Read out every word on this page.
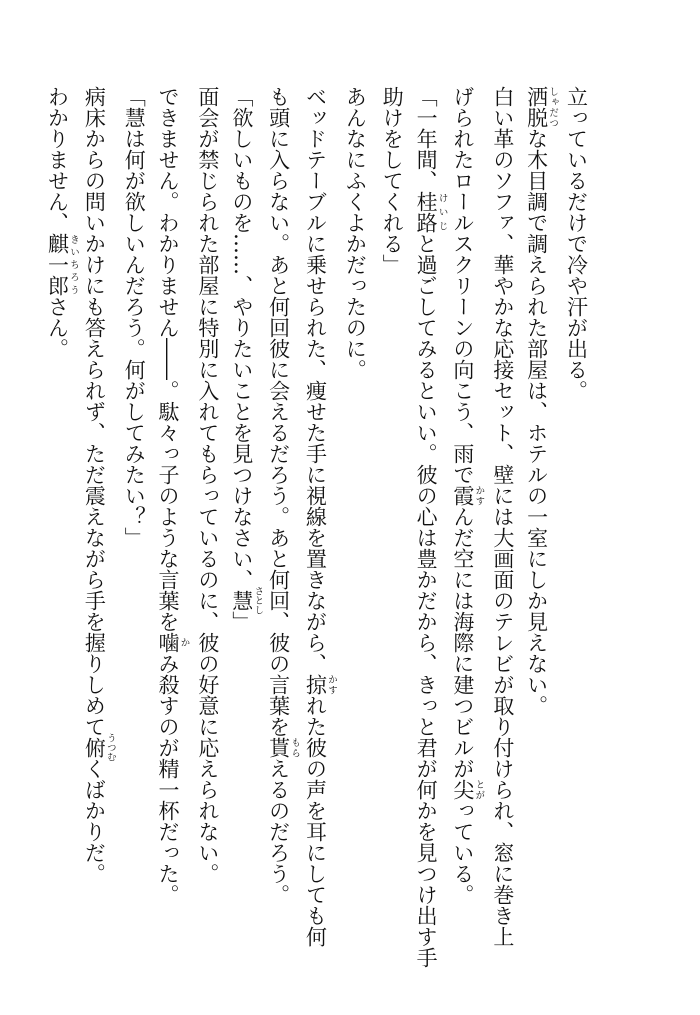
立っているだけで冷や汗が出る。
洒脱しゃだつな木目調で調えられた部屋は、ホテルの一室にしか見えない。
白い革のソファ、華やかな応接セット、壁には大画面のテレビが取り付けられ、窓に巻き上
げられたロールスクリーンの向こう、雨で霞かすんだ空には海際に建つビルが尖とがっている。
「一年間、桂路けいじと過ごしてみるといい。彼の心は豊かだから、きっと君が何かを見つけ出す手
助けをしてくれる」
あんなにふくよかだったのに。
ベッドテーブルに乗せられた、痩せた手に視線を置きながら、掠かすれた彼の声を耳にしても何
も頭に入らない。あと何回彼に会えるだろう。あと何回、彼の言葉を貰もらえるのだろう。
「欲しいものを……、やりたいことを見つけなさい、慧さとし」
面会が禁じられた部屋に特別に入れてもらっているのに、彼の好意に応えられない。
できません。わかりません――。駄々っ子のような言葉を噛かみ殺すのが精一杯だった。
「慧は何が欲しいんだろう。何がしてみたい？」
病床からの問いかけにも答えられず、ただ震えながら手を握りしめて俯うつむくばかりだ。
わかりません、麒一郎きいちろうさん。
